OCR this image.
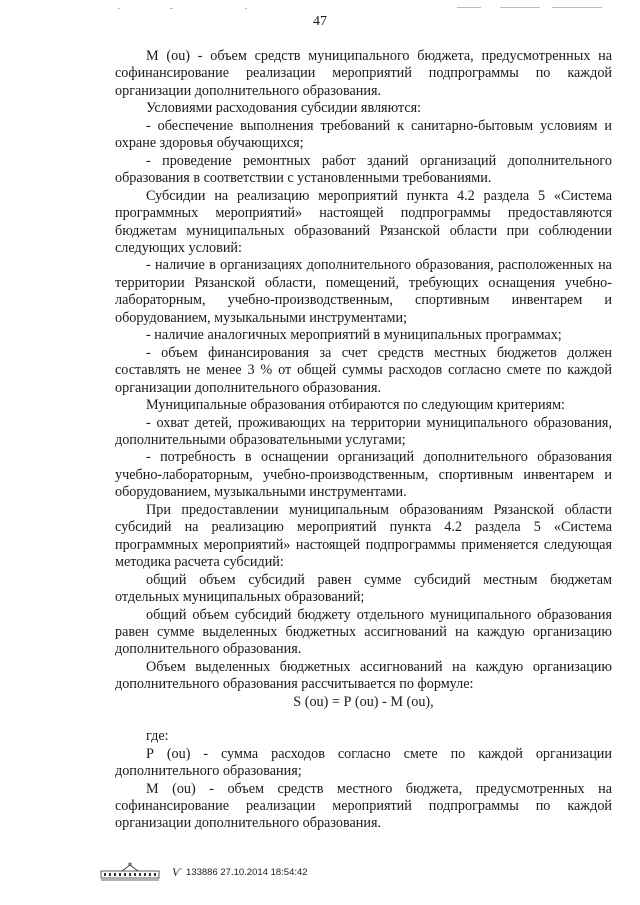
47

М (оu) - объем средств муниципального бюджета, предусмотренных на софинансирование реализации мероприятий подпрограммы по каждой организации дополнительного образования.

Условиями расходования субсидии являются:

- обеспечение выполнения требований к санитарно-бытовым условиям и охране здоровья обучающихся;

- проведение ремонтных работ зданий организаций дополнительного образования в соответствии с установленными требованиями.

Субсидии на реализацию мероприятий пункта 4.2 раздела 5 «Система программных мероприятий» настоящей подпрограммы предоставляются бюджетам муниципальных образований Рязанской области при соблюдении следующих условий:

- наличие в организациях дополнительного образования, расположенных на территории Рязанской области, помещений, требующих оснащения учебно-лабораторным, учебно-производственным, спортивным инвентарем и оборудованием, музыкальными инструментами;

- наличие аналогичных мероприятий в муниципальных программах;

- объем финансирования за счет средств местных бюджетов должен составлять не менее 3 % от общей суммы расходов согласно смете по каждой организации дополнительного образования.

Муниципальные образования отбираются по следующим критериям:

- охват детей, проживающих на территории муниципального образования, дополнительными образовательными услугами;

- потребность в оснащении организаций дополнительного образования учебно-лабораторным, учебно-производственным, спортивным инвентарем и оборудованием, музыкальными инструментами.

При предоставлении муниципальным образованиям Рязанской области субсидий на реализацию мероприятий пункта 4.2 раздела 5 «Система программных мероприятий» настоящей подпрограммы применяется следующая методика расчета субсидий:

общий объем субсидий равен сумме субсидий местным бюджетам отдельных муниципальных образований;

общий объем субсидий бюджету отдельного муниципального образования равен сумме выделенных бюджетных ассигнований на каждую организацию дополнительного образования.

Объем выделенных бюджетных ассигнований на каждую организацию дополнительного образования рассчитывается по формуле:

S (оu) = Р (оu) - М (оu),

где:

Р (оu) - сумма расходов согласно смете по каждой организации дополнительного образования;

М (оu) - объем средств местного бюджета, предусмотренных на софинансирование реализации мероприятий подпрограммы по каждой организации дополнительного образования.

Ѵ 133886 27.10.2014 18:54:42
